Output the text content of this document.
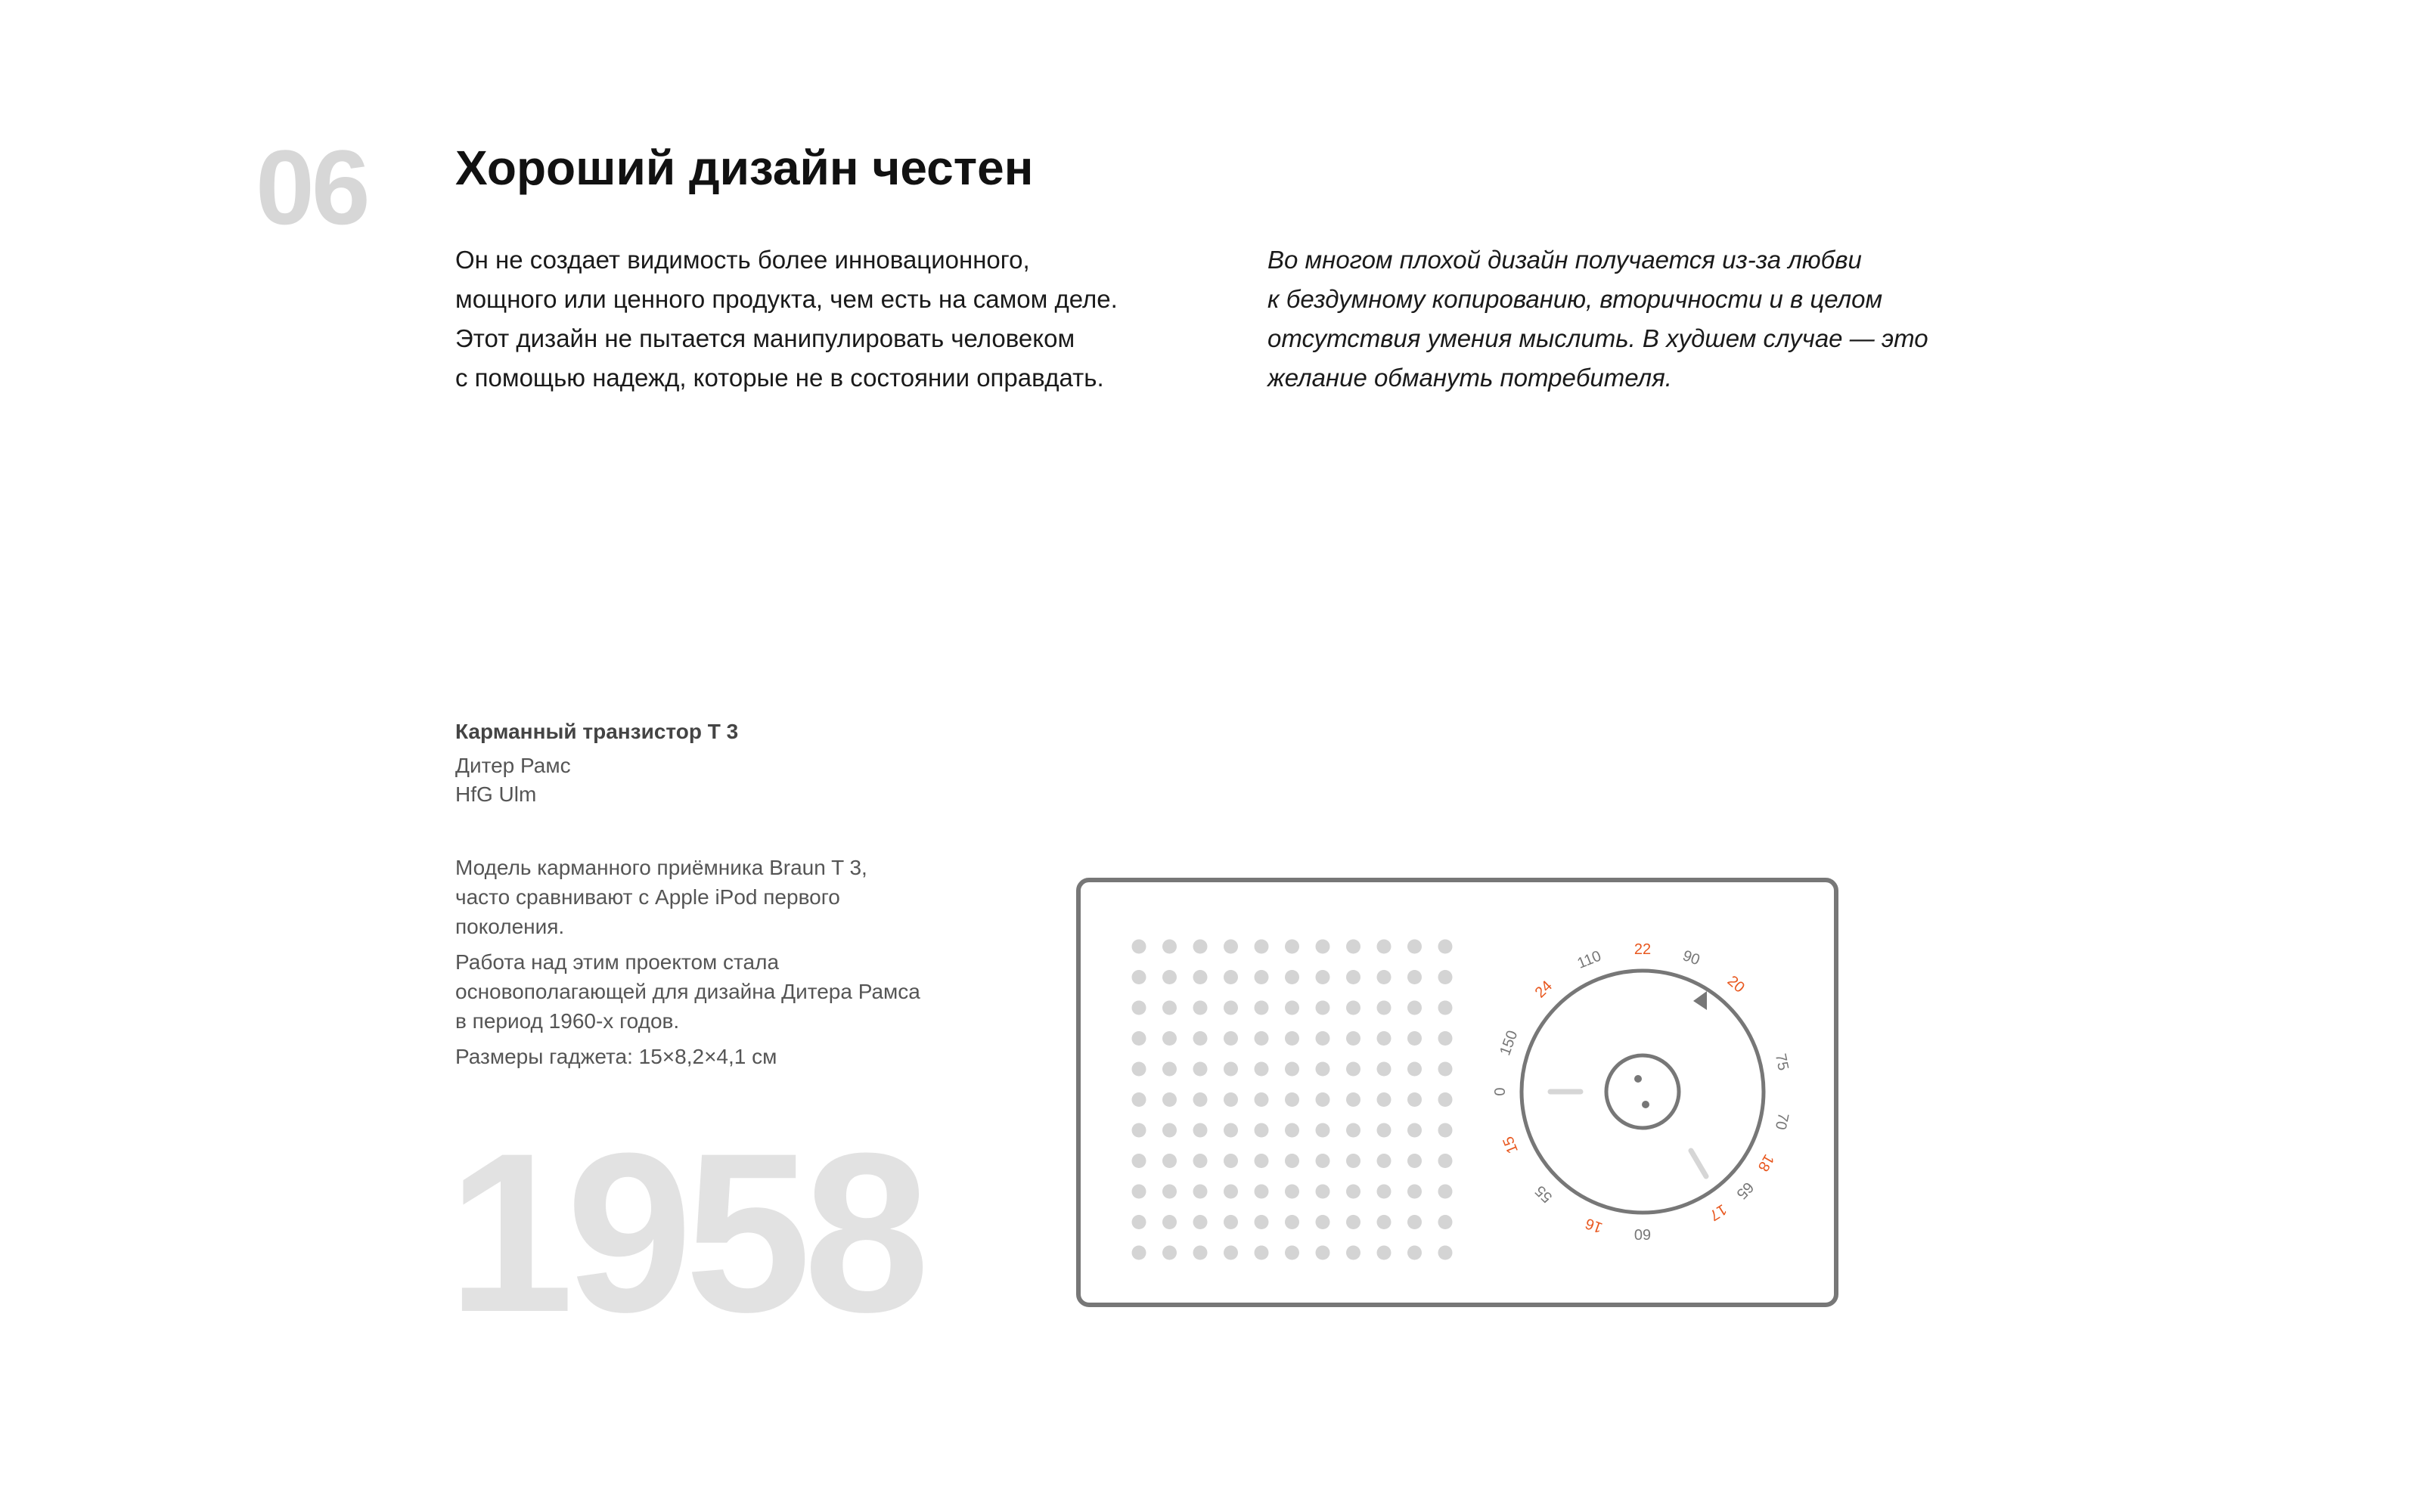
06 Хороший дизайн честен
Он не создает видимость более инновационного,
мощного или ценного продукта, чем есть на самом деле.
Этот дизайн не пытается манипулировать человеком
с помощью надежд, которые не в состоянии оправдать.
Во многом плохой дизайн получается из-за любви
к бездумному копированию, вторичности и в целом
отсутствия умения мыслить. В худшем случае — это
желание обмануть потребителя.
Карманный транзистор Т 3
Дитер Рамс
HfG Ulm

Модель карманного приёмника Braun T 3,
часто сравнивают с Apple iPod первого
поколения.

Работа над этим проектом стала
основополагающей для дизайна Дитера Рамса
в период 1960-х годов.

Размеры гаджета: 15×8,2×4,1 см

1958
22 90
20
75
70
18
65
17
60
16
55
15
0
150
24
110
